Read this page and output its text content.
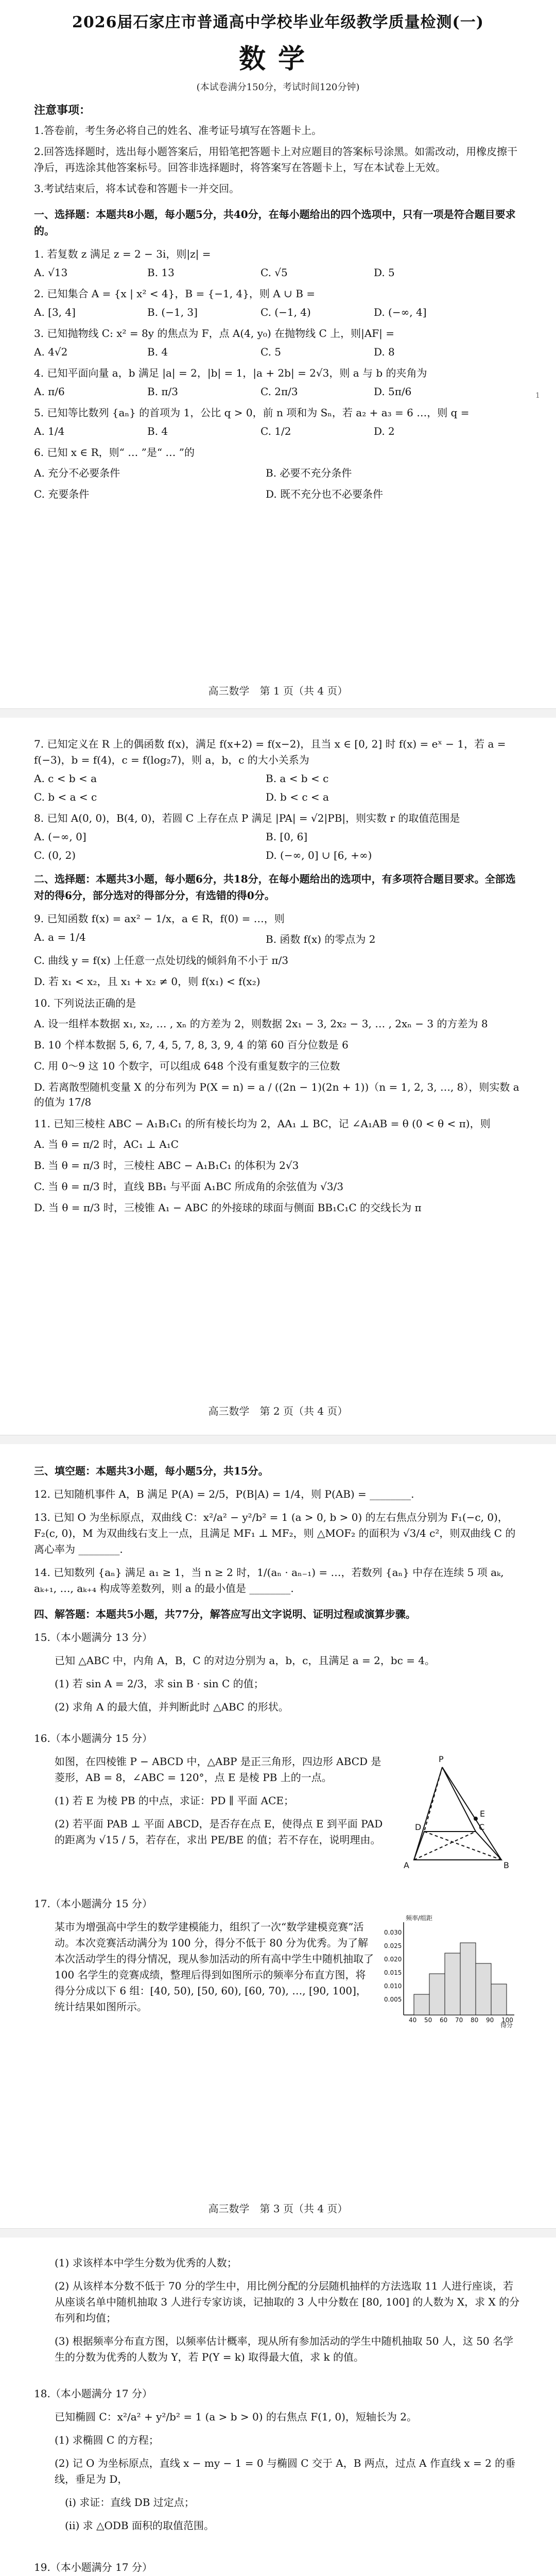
2026届石家庄市普通高中学校毕业年级教学质量检测(一)
数学
(本试卷满分150分，考试时间120分钟)
注意事项：

1.答卷前，考生务必将自己的姓名、准考证号填写在答题卡上。

2.回答选择题时，选出每小题答案后，用铅笔把答题卡上对应题目的答案标号涂黑。如需改动，用橡皮擦干净后，再选涂其他答案标号。回答非选择题时，将答案写在答题卡上，写在本试卷上无效。

3.考试结束后，将本试卷和答题卡一并交回。

一、选择题：本题共8小题，每小题5分，共40分，在每小题给出的四个选项中，只有一项是符合题目要求的。
1. 若复数 z 满足 z = 2 − 3i，则|z| =
A. √13	B. 13	C. √5	D. 5
2. 已知集合 A = {x | x² < 4}，B = {−1, 4}，则 A ∪ B =
A. [3, 4]	B. (−1, 3]	C. (−1, 4)	D. (−∞, 4]
3. 已知抛物线 C: x² = 8y 的焦点为 F，点 A(4, y₀) 在抛物线 C 上，则|AF| =
A. 4√2	B. 4	C. 5	D. 8
4. 已知平面向量 a，b 满足 |a| = 2，|b| = 1，|a + 2b| = 2√3，则 a 与 b 的夹角为
A. π/6	B. π/3	C. 2π/3	D. 5π/6
5. 已知等比数列 {aₙ} 的首项为 1，公比 q > 0，前 n 项和为 Sₙ，若 a₂ + a₃ = 6 …，则 q =
A. 1/4	B. 4	C. 1/2	D. 2
6. 已知 x ∈ R，则“ … ”是“ … ”的
A. 充分不必要条件	B. 必要不充分条件
C. 充要条件	D. 既不充分也不必要条件
高三数学　第 1 页（共 4 页）
1
7. 已知定义在 R 上的偶函数 f(x)，满足 f(x+2) = f(x−2)，且当 x ∈ [0, 2] 时 f(x) = eˣ − 1，若 a = f(−3)，b = f(4)，c = f(log₂7)，则 a，b，c 的大小关系为
A. c < b < a	B. a < b < c
C. b < a < c	D. b < c < a
8. 已知 A(0, 0)，B(4, 0)，若圆 C 上存在点 P 满足 |PA| = √2|PB|，则实数 r 的取值范围是
A. (−∞, 0]	B. [0, 6]
C. (0, 2)	D. (−∞, 0] ∪ [6, +∞)
二、选择题：本题共3小题，每小题6分，共18分，在每小题给出的选项中，有多项符合题目要求。全部选对的得6分，部分选对的得部分分，有选错的得0分。
9. 已知函数 f(x) = ax² − 1/x，a ∈ R，f(0) = …，则
A. a = 1/4	B. 函数 f(x) 的零点为 2
C. 曲线 y = f(x) 上任意一点处切线的倾斜角不小于 π/3
D. 若 x₁ < x₂，且 x₁ + x₂ ≠ 0，则 f(x₁) < f(x₂)
10. 下列说法正确的是
A. 设一组样本数据 x₁, x₂, … , xₙ 的方差为 2，则数据 2x₁ − 3, 2x₂ − 3, … , 2xₙ − 3 的方差为 8
B. 10 个样本数据 5, 6, 7, 4, 5, 7, 8, 3, 9, 4 的第 60 百分位数是 6
C. 用 0～9 这 10 个数字，可以组成 648 个没有重复数字的三位数
D. 若离散型随机变量 X 的分布列为 P(X = n) = a / ((2n − 1)(2n + 1))（n = 1, 2, 3, …, 8），则实数 a 的值为 17/8
11. 已知三棱柱 ABC − A₁B₁C₁ 的所有棱长均为 2，AA₁ ⊥ BC，记 ∠A₁AB = θ (0 < θ < π)，则
A. 当 θ = π/2 时，AC₁ ⊥ A₁C
B. 当 θ = π/3 时，三棱柱 ABC − A₁B₁C₁ 的体积为 2√3
C. 当 θ = π/3 时，直线 BB₁ 与平面 A₁BC 所成角的余弦值为 √3/3
D. 当 θ = π/3 时，三棱锥 A₁ − ABC 的外接球的球面与侧面 BB₁C₁C 的交线长为 π
高三数学　第 2 页（共 4 页）
三、填空题：本题共3小题，每小题5分，共15分。
12. 已知随机事件 A，B 满足 P(A) = 2/5，P(B|A) = 1/4，则 P(AB) = ________.
13. 已知 O 为坐标原点，双曲线 C：x²/a² − y²/b² = 1 (a > 0, b > 0) 的左右焦点分别为 F₁(−c, 0)，F₂(c, 0)，M 为双曲线右支上一点，且满足 MF₁ ⊥ MF₂，则 △MOF₂ 的面积为 √3/4 c²，则双曲线 C 的离心率为 ________.
14. 已知数列 {aₙ} 满足 a₁ ≥ 1，当 n ≥ 2 时，1/(aₙ · aₙ₋₁) = …，若数列 {aₙ} 中存在连续 5 项 aₖ, aₖ₊₁, …, aₖ₊₄ 构成等差数列，则 a 的最小值是 ________.
四、解答题：本题共5小题，共77分，解答应写出文字说明、证明过程或演算步骤。
15.（本小题满分 13 分）
已知 △ABC 中，内角 A，B，C 的对边分别为 a，b，c，且满足 a = 2，bc = 4。
(1) 若 sin A = 2/3，求 sin B · sin C 的值；
(2) 求角 A 的最大值，并判断此时 △ABC 的形状。
16.（本小题满分 15 分）
如图，在四棱锥 P − ABCD 中，△ABP 是正三角形，四边形 ABCD 是菱形，AB = 8，∠ABC = 120°，点 E 是棱 PB 上的一点。
(1) 若 E 为棱 PB 的中点，求证：PD ∥ 平面 ACE；
(2) 若平面 PAB ⊥ 平面 ABCD，是否存在点 E，使得点 E 到平面 PAD 的距离为 √15 / 5，若存在，求出 PE/BE 的值；若不存在，说明理由。
P
A	B
C
D
E
17.（本小题满分 15 分）
某市为增强高中学生的数学建模能力，组织了一次“数学建模竞赛”活动。本次竞赛活动满分为 100 分，得分不低于 80 分为优秀。为了解本次活动学生的得分情况，现从参加活动的所有高中学生中随机抽取了 100 名学生的竞赛成绩，整理后得到如图所示的频率分布直方图，将得分分成以下 6 组：[40, 50), [50, 60), [60, 70), …, [90, 100]，统计结果如图所示。
频率/组距
得分
40 50 60 70 80 90 100
0.030
0.025
0.020
0.015
0.010
0.005
高三数学　第 3 页（共 4 页）
(1) 求该样本中学生分数为优秀的人数；
(2) 从该样本分数不低于 70 分的学生中，用比例分配的分层随机抽样的方法选取 11 人进行座谈，若从座谈名单中随机抽取 3 人进行专家访谈，记抽取的 3 人中分数在 [80, 100] 的人数为 X，求 X 的分布列和均值；
(3) 根据频率分布直方图，以频率估计概率，现从所有参加活动的学生中随机抽取 50 人，这 50 名学生的分数为优秀的人数为 Y，若 P(Y = k) 取得最大值，求 k 的值。
18.（本小题满分 17 分）
已知椭圆 C：x²/a² + y²/b² = 1 (a > b > 0) 的右焦点 F(1, 0)，短轴长为 2。
(1) 求椭圆 C 的方程；
(2) 记 O 为坐标原点，直线 x − my − 1 = 0 与椭圆 C 交于 A，B 两点，过点 A 作直线 x = 2 的垂线，垂足为 D，
(i) 求证：直线 DB 过定点；
(ii) 求 △ODB 面积的取值范围。
19.（本小题满分 17 分）
